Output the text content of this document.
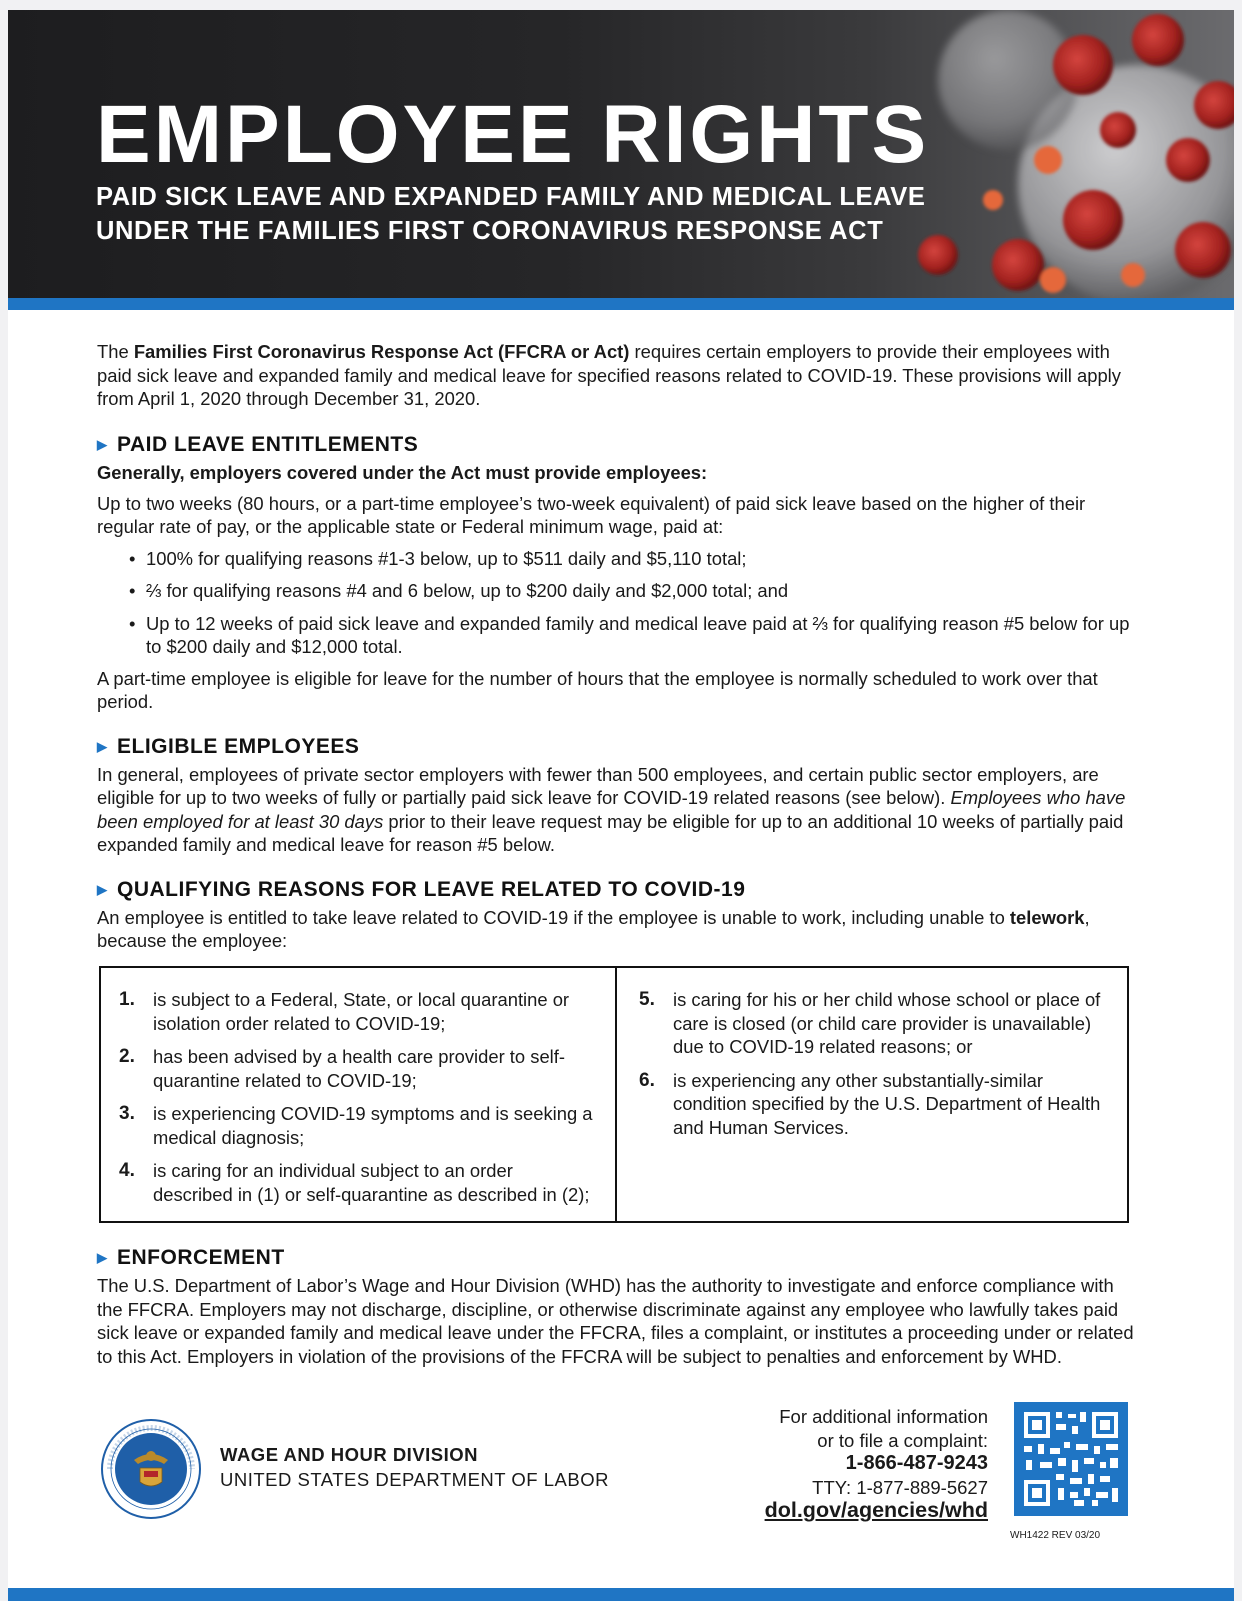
EMPLOYEE RIGHTS
PAID SICK LEAVE AND EXPANDED FAMILY AND MEDICAL LEAVE
UNDER THE FAMILIES FIRST CORONAVIRUS RESPONSE ACT

The Families First Coronavirus Response Act (FFCRA or Act) requires certain employers to provide their employees with paid sick leave and expanded family and medical leave for specified reasons related to COVID-19. These provisions will apply from April 1, 2020 through December 31, 2020.

▶ PAID LEAVE ENTITLEMENTS
Generally, employers covered under the Act must provide employees:

Up to two weeks (80 hours, or a part-time employee’s two-week equivalent) of paid sick leave based on the higher of their regular rate of pay, or the applicable state or Federal minimum wage, paid at:

• 100% for qualifying reasons #1-3 below, up to $511 daily and $5,110 total;
• ⅔ for qualifying reasons #4 and 6 below, up to $200 daily and $2,000 total; and
• Up to 12 weeks of paid sick leave and expanded family and medical leave paid at ⅔ for qualifying reason #5 below for up to $200 daily and $12,000 total.

A part-time employee is eligible for leave for the number of hours that the employee is normally scheduled to work over that period.

▶ ELIGIBLE EMPLOYEES

In general, employees of private sector employers with fewer than 500 employees, and certain public sector employers, are eligible for up to two weeks of fully or partially paid sick leave for COVID-19 related reasons (see below). Employees who have been employed for at least 30 days prior to their leave request may be eligible for up to an additional 10 weeks of partially paid expanded family and medical leave for reason #5 below.

▶ QUALIFYING REASONS FOR LEAVE RELATED TO COVID-19

An employee is entitled to take leave related to COVID-19 if the employee is unable to work, including unable to telework, because the employee:

1. is subject to a Federal, State, or local quarantine or isolation order related to COVID-19;
2. has been advised by a health care provider to self-quarantine related to COVID-19;
3. is experiencing COVID-19 symptoms and is seeking a medical diagnosis;
4. is caring for an individual subject to an order described in (1) or self-quarantine as described in (2);
5. is caring for his or her child whose school or place of care is closed (or child care provider is unavailable) due to COVID-19 related reasons; or
6. is experiencing any other substantially-similar condition specified by the U.S. Department of Health and Human Services.
▶ ENFORCEMENT

The U.S. Department of Labor’s Wage and Hour Division (WHD) has the authority to investigate and enforce compliance with the FFCRA. Employers may not discharge, discipline, or otherwise discriminate against any employee who lawfully takes paid sick leave or expanded family and medical leave under the FFCRA, files a complaint, or institutes a proceeding under or related to this Act. Employers in violation of the provisions of the FFCRA will be subject to penalties and enforcement by WHD.

WAGE AND HOUR DIVISION
UNITED STATES DEPARTMENT OF LABOR
For additional information
or to file a complaint:
1-866-487-9243
TTY: 1-877-889-5627
dol.gov/agencies/whd
WH1422 REV 03/20
